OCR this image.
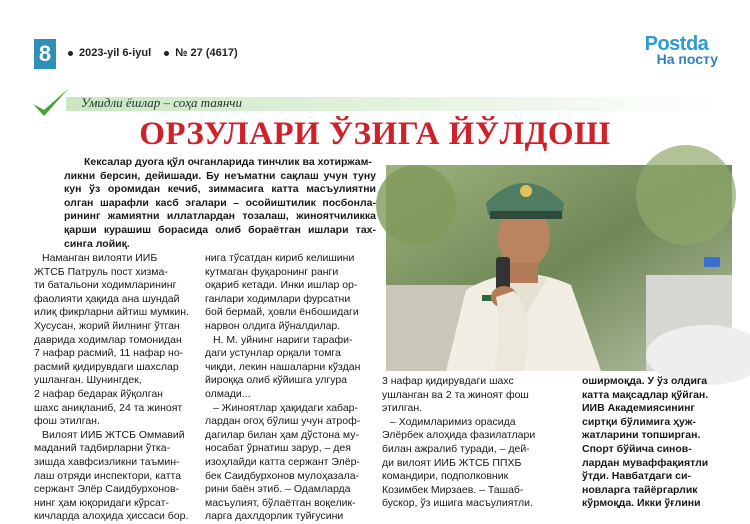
8	2023-yil 6-iyul № 27 (4617)	Postda
На посту
Умидли ёшлар – соҳа таянчи
ОРЗУЛАРИ ЎЗИГА ЙЎЛДОШ

Кексалар дуога қўл очганларида тинчлик ва хотиржам-

ликни берсин, дейишади. Бу неъматни сақлаш учун туну кун ўз оромидан кечиб, зиммасига катта масъулиятни олган шарафли касб эгалари – осойиштилик посбонла- рининг жамиятни иллатлардан тозалаш, жиноятчиликка қарши курашиш борасида олиб бораётган ишлари тах- синга лойиқ.

Наманган вилояти ИИБ

ЖТСБ Патруль пост хизма-
ти батальони ходимларининг
фаолияти ҳақида ана шундай
илиқ фикрларни айтиш мумкин.
Хусусан, жорий йилнинг ўтган
даврида ходимлар томонидан
7 нафар расмий, 11 нафар но-
расмий қидирувдаги шахслар
ушланган. Шунингдек,
2 нафар бедарак йўқолган
шахс аниқланиб, 24 та жиноят
фош этилган.

Вилоят ИИБ ЖТСБ Оммавий

маданий тадбирларни ўтка-
зишда хавфсизликни таъмин-
лаш отряди инспектори, катта
сержант Элёр Саидбурхонов-
нинг ҳам юқоридаги кўрсат-
кичларда алоҳида ҳиссаси бор.
нига тўсатдан кириб келишини
кутмаган фуқаронинг ранги
оқариб кетади. Инки ишлар ор-
ганлари ходимлари фурсатни
бой бермай, ҳовли ёнбошидаги
нарвон олдига йўналдилар.

Н. М. уйнинг нариги тарафи-

даги устунлар орқали томга
чиқди, лекин нашаларни кўздан
йироққа олиб кўйишга улгура
олмади...

– Жиноятлар ҳақидаги хабар-

лардан огоҳ бўлиш учун атроф-
дагилар билан ҳам дўстона му-
носабат ўрнатиш зарур, – дея
изоҳлайди катта сержант Элёр-
бек Саидбурхонов мулоҳазала-
рини баён этиб. – Одамларда
масъулият, бўлаётган воқелик-
ларга дахлдорлик туйғусини
3 нафар қидирувдаги шахс
ушланган ва 2 та жиноят фош
этилган.

– Ходимларимиз орасида

Элёрбек алоҳида фазилатлари
билан ажралиб туради, – дей-
ди вилоят ИИБ ЖТСБ ППХБ
командири, подполковник
Козимбек Мирзаев. – Ташаб-
бускор, ўз ишига масъулиятли.
оширмоқда. У ўз олдига
катта мақсадлар қўйган.
ИИВ Академиясининг
сиртқи бўлимига ҳуж-
жатларини топширган.
Спорт бўйича синов-
лардан муваффақиятли
ўтди. Навбатдаги си-
новларга тайёргарлик
кўрмоқда. Икки ўғлини
